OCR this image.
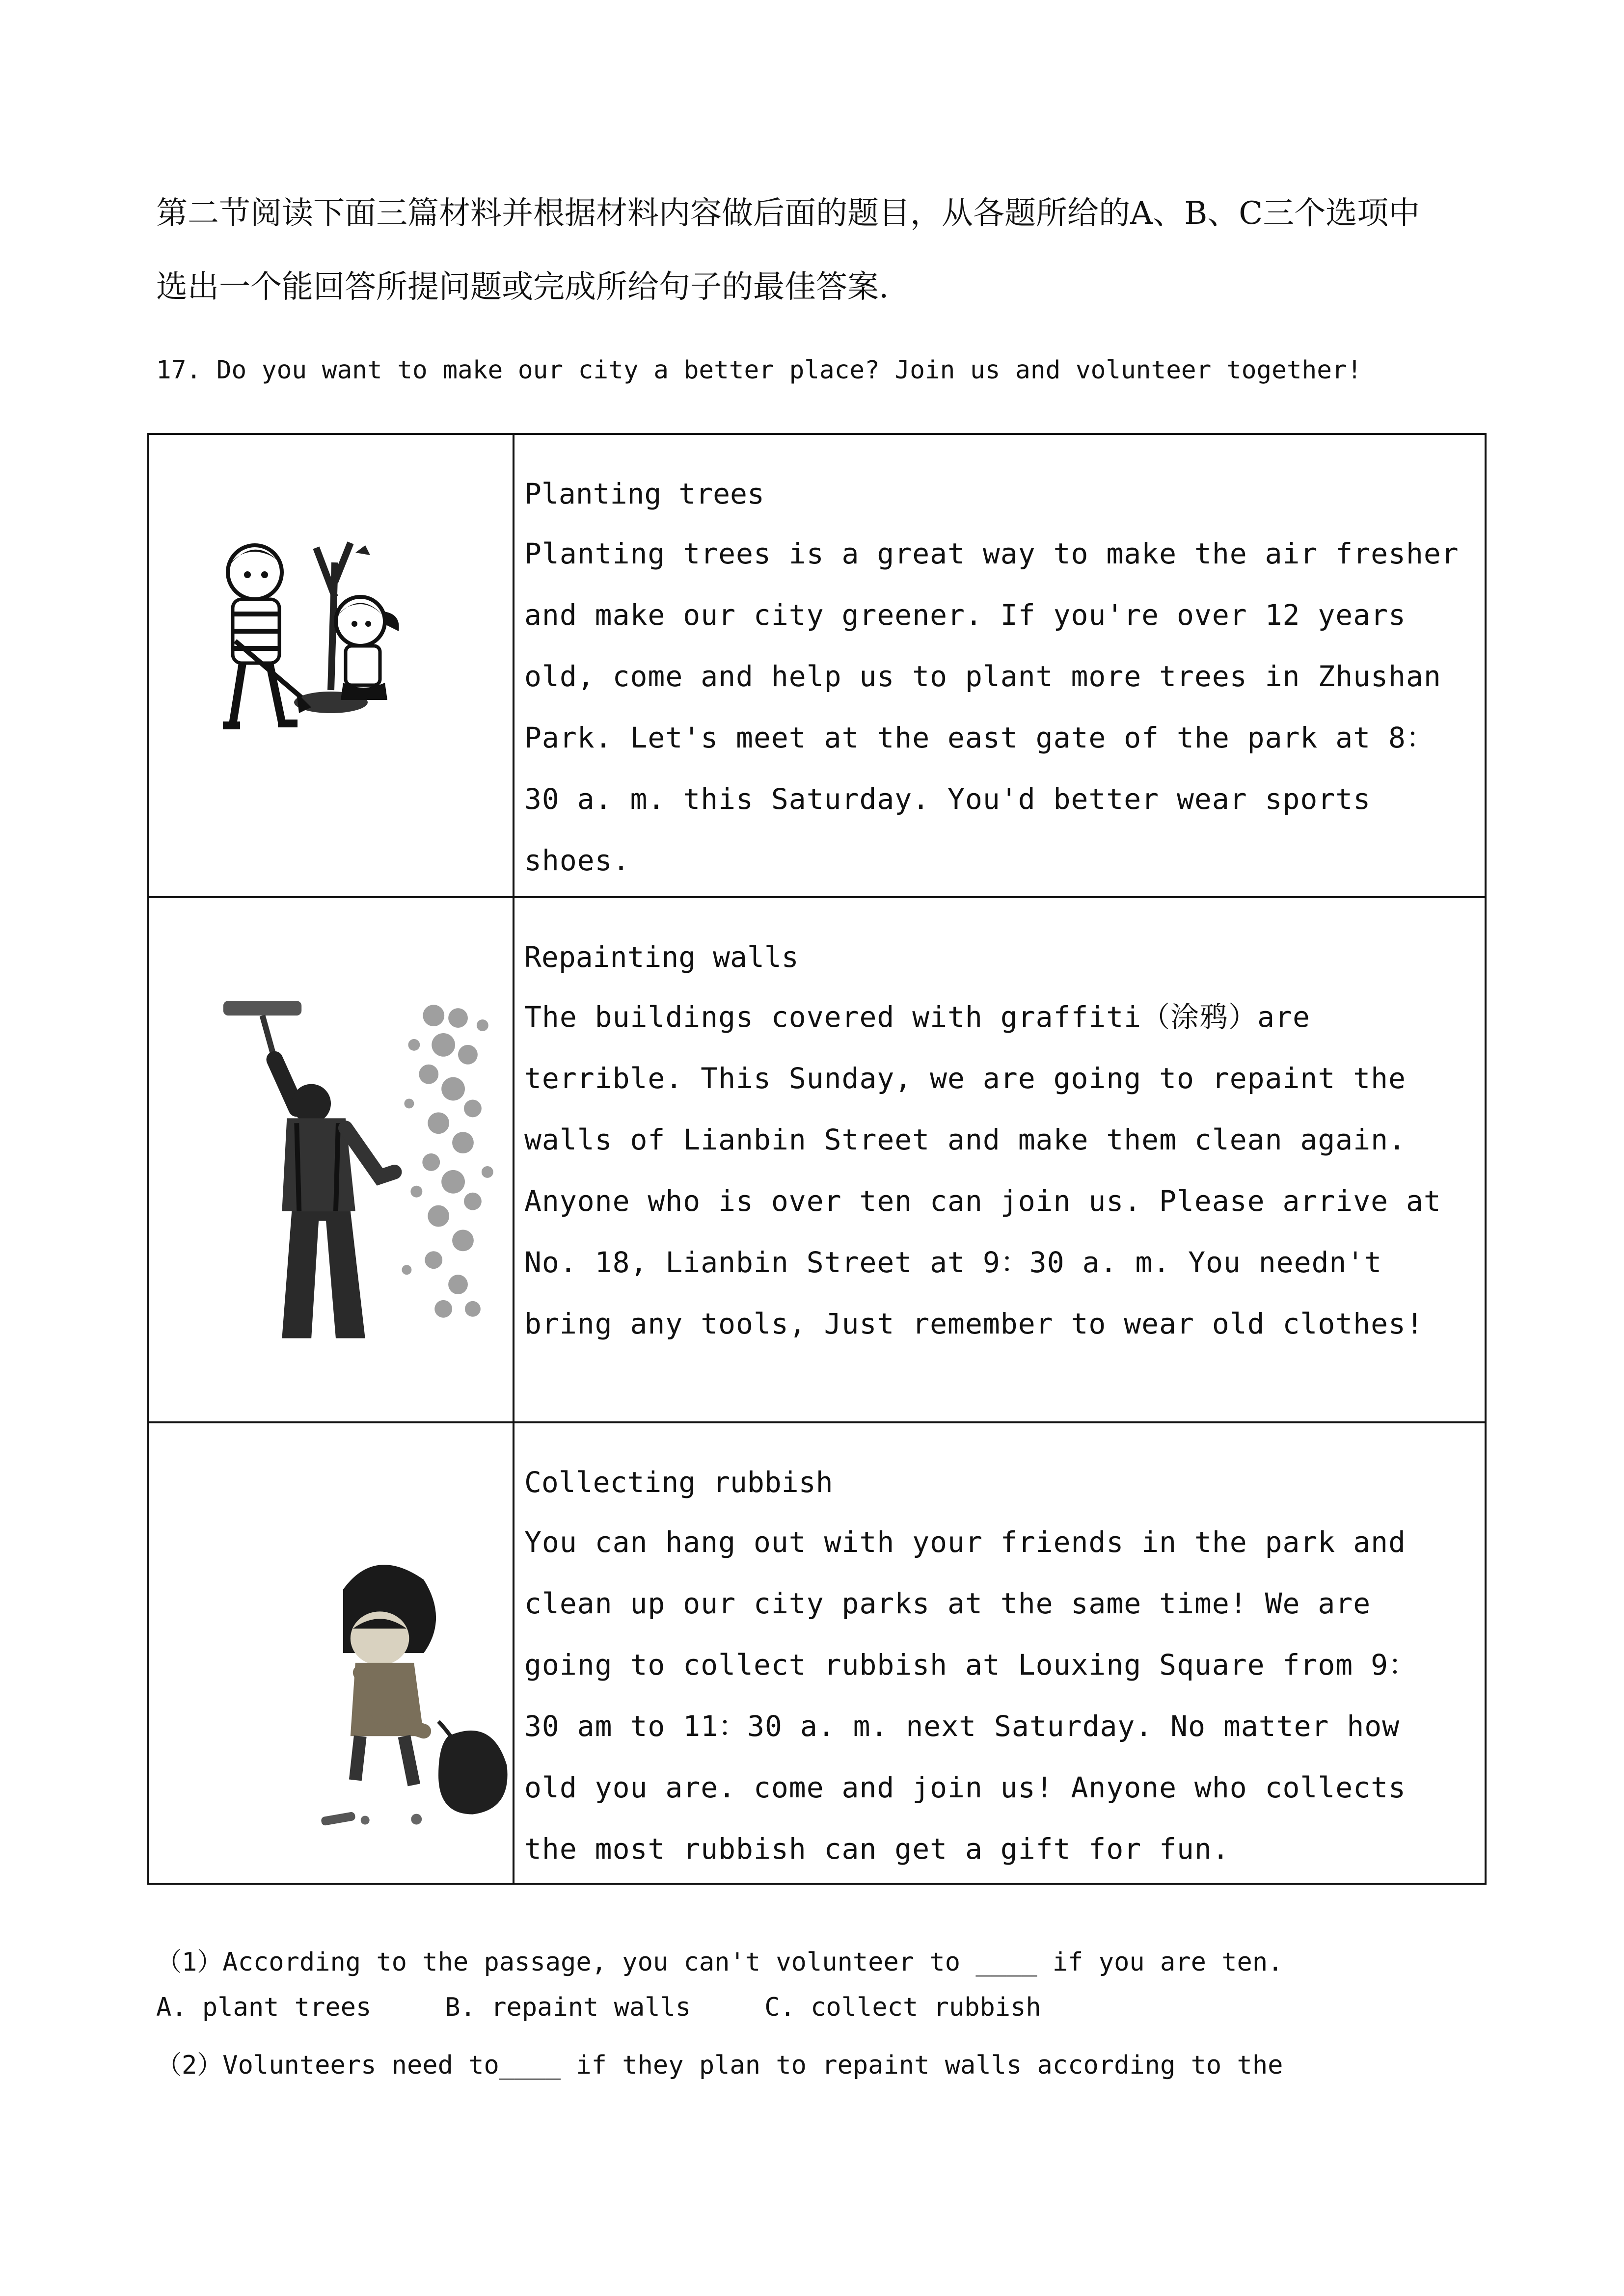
第二节阅读下面三篇材料并根据材料内容做后面的题目，从各题所给的A、B、C三个选项中

选出一个能回答所提问题或完成所给句子的最佳答案.

17. Do you want to make our city a better place? Join us and volunteer together!

Planting trees

Planting trees is a great way to make the air fresher and make our city greener. If you're over 12 years old, come and help us to plant more trees in Zhushan Park. Let's meet at the east gate of the park at 8：30 a. m. this Saturday. You'd better wear sports shoes.

Repainting walls

The buildings covered with graffiti（涂鸦）are terrible. This Sunday, we are going to repaint the walls of Lianbin Street and make them clean again. Anyone who is over ten can join us. Please arrive at No. 18, Lianbin Street at 9：30 a. m. You needn't bring any tools, Just remember to wear old clothes!

Collecting rubbish

You can hang out with your friends in the park and clean up our city parks at the same time! We are going to collect rubbish at Louxing Square from 9： 30 am to 11：30 a. m. next Saturday. No matter how old you are. come and join us! Anyone who collects the most rubbish can get a gift for fun.

（1）According to the passage, you can't volunteer to ____ if you are ten.
A. plant trees	B. repaint walls	C. collect rubbish
（2）Volunteers need to____ if they plan to repaint walls according to the
